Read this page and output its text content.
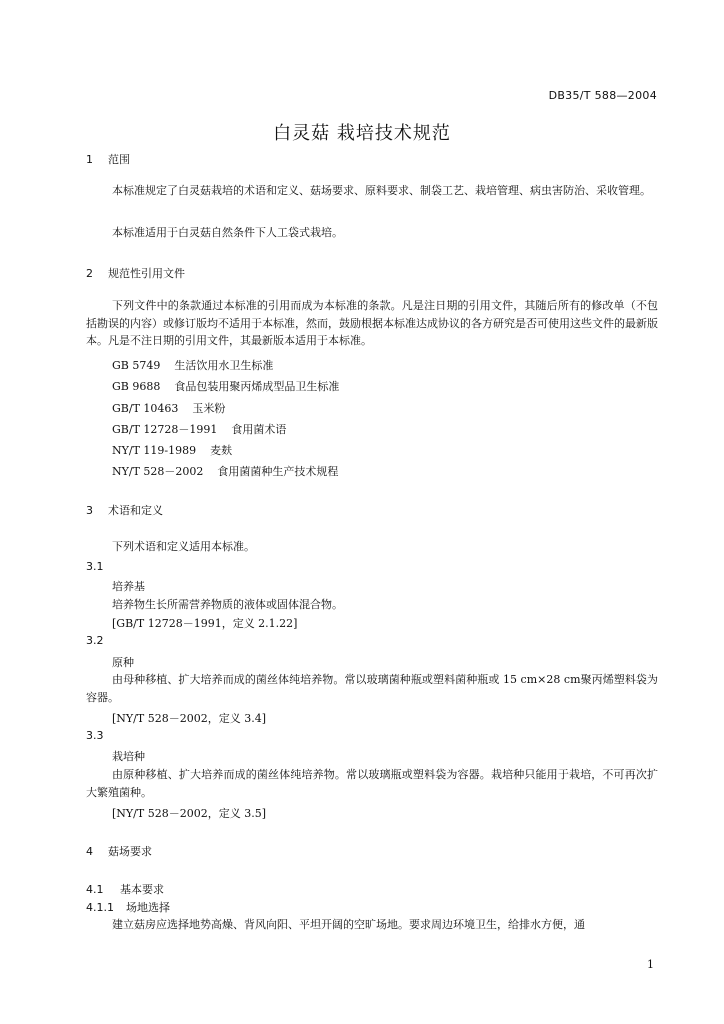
DB35/T 588—2004
白灵菇 栽培技术规范
1 范围

本标准规定了白灵菇栽培的术语和定义、菇场要求、原料要求、制袋工艺、栽培管理、病虫害防治、采收管理。

本标准适用于白灵菇自然条件下人工袋式栽培。

2 规范性引用文件

下列文件中的条款通过本标准的引用而成为本标准的条款。凡是注日期的引用文件，其随后所有的修改单（不包括勘误的内容）或修订版均不适用于本标准，然而，鼓励根据本标准达成协议的各方研究是否可使用这些文件的最新版本。凡是不注日期的引用文件，其最新版本适用于本标准。

GB 5749 生活饮用水卫生标准
GB 9688 食品包装用聚丙烯成型品卫生标准
GB/T 10463 玉米粉
GB/T 12728－1991 食用菌术语
NY/T 119-1989 麦麸
NY/T 528－2002 食用菌菌种生产技术规程
3 术语和定义

下列术语和定义适用本标准。

3.1
培养基
培养物生长所需营养物质的液体或固体混合物。
[GB/T 12728－1991，定义 2.1.22]
3.2
原种

由母种移植、扩大培养而成的菌丝体纯培养物。常以玻璃菌种瓶或塑料菌种瓶或 15 cm×28 cm聚丙烯塑料袋为容器。

[NY/T 528－2002，定义 3.4]
3.3
栽培种

由原种移植、扩大培养而成的菌丝体纯培养物。常以玻璃瓶或塑料袋为容器。栽培种只能用于栽培，不可再次扩大繁殖菌种。

[NY/T 528－2002，定义 3.5]
4 菇场要求
4.1 基本要求
4.1.1 场地选择

建立菇房应选择地势高燥、背风向阳、平坦开阔的空旷场地。要求周边环境卫生，给排水方便，通

1
